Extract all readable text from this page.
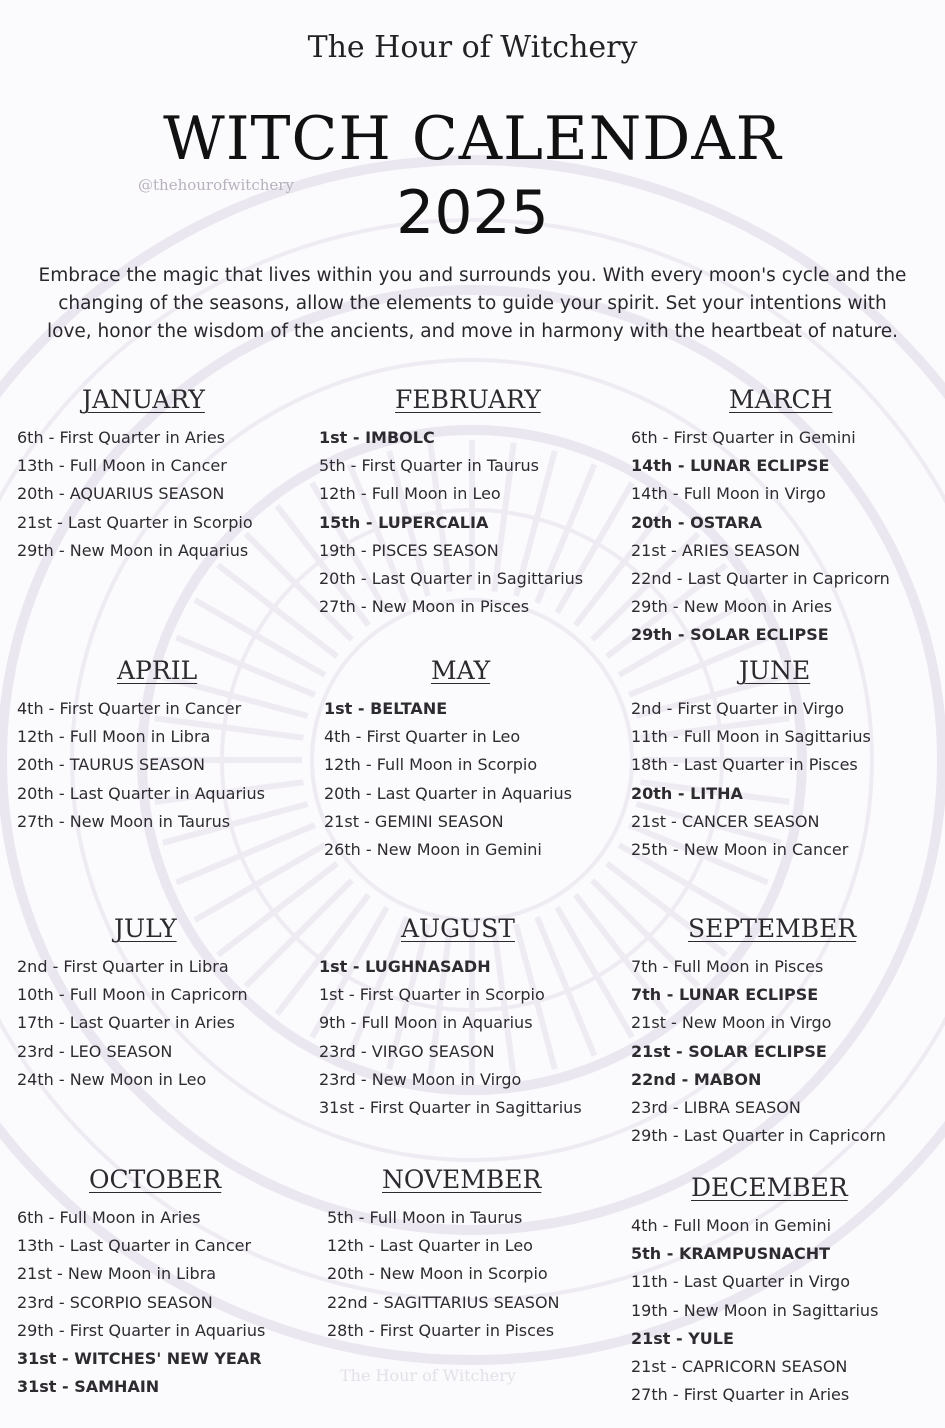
The Hour of Witchery
WITCH CALENDAR
@thehourofwitchery	2025
Embrace the magic that lives within you and surrounds you. With every moon's cycle and the changing of the seasons, allow the elements to guide your spirit. Set your intentions with love, honor the wisdom of the ancients, and move in harmony with the heartbeat of nature.
JANUARY
6th - First Quarter in Aries
13th - Full Moon in Cancer
20th - AQUARIUS SEASON
21st - Last Quarter in Scorpio
29th - New Moon in Aquarius
FEBRUARY
1st - IMBOLC
5th - First Quarter in Taurus
12th - Full Moon in Leo
15th - LUPERCALIA
19th - PISCES SEASON
20th - Last Quarter in Sagittarius
27th - New Moon in Pisces
MARCH
6th - First Quarter in Gemini
14th - LUNAR ECLIPSE
14th - Full Moon in Virgo
20th - OSTARA
21st - ARIES SEASON
22nd - Last Quarter in Capricorn
29th - New Moon in Aries
29th - SOLAR ECLIPSE
APRIL
4th - First Quarter in Cancer
12th - Full Moon in Libra
20th - TAURUS SEASON
20th - Last Quarter in Aquarius
27th - New Moon in Taurus
MAY
1st - BELTANE
4th - First Quarter in Leo
12th - Full Moon in Scorpio
20th - Last Quarter in Aquarius
21st - GEMINI SEASON
26th - New Moon in Gemini
JUNE
2nd - First Quarter in Virgo
11th - Full Moon in Sagittarius
18th - Last Quarter in Pisces
20th - LITHA
21st - CANCER SEASON
25th - New Moon in Cancer
JULY
2nd - First Quarter in Libra
10th - Full Moon in Capricorn
17th - Last Quarter in Aries
23rd - LEO SEASON
24th - New Moon in Leo
AUGUST
1st - LUGHNASADH
1st - First Quarter in Scorpio
9th - Full Moon in Aquarius
23rd - VIRGO SEASON
23rd - New Moon in Virgo
31st - First Quarter in Sagittarius
SEPTEMBER
7th - Full Moon in Pisces
7th - LUNAR ECLIPSE
21st - New Moon in Virgo
21st - SOLAR ECLIPSE
22nd - MABON
23rd - LIBRA SEASON
29th - Last Quarter in Capricorn
OCTOBER
6th - Full Moon in Aries
13th - Last Quarter in Cancer
21st - New Moon in Libra
23rd - SCORPIO SEASON
29th - First Quarter in Aquarius
31st - WITCHES' NEW YEAR
31st - SAMHAIN
NOVEMBER
5th - Full Moon in Taurus
12th - Last Quarter in Leo
20th - New Moon in Scorpio
22nd - SAGITTARIUS SEASON
28th - First Quarter in Pisces
DECEMBER
4th - Full Moon in Gemini
5th - KRAMPUSNACHT
11th - Last Quarter in Virgo
19th - New Moon in Sagittarius
21st - YULE
21st - CAPRICORN SEASON
27th - First Quarter in Aries
The Hour of Witchery
